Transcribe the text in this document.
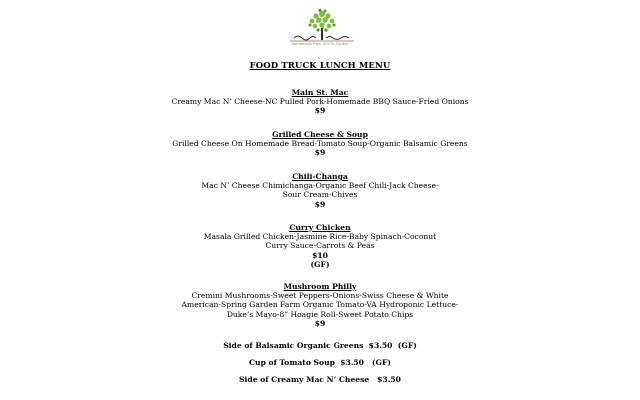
Homemade From Grill To Garden
FOOD TRUCK LUNCH MENU
Main St. Mac
Creamy Mac N’ Cheese-NC Pulled Pork-Homemade BBQ Sauce-Fried Onions
$9
Grilled Cheese & Soup
Grilled Cheese On Homemade Bread-Tomato Soup-Organic Balsamic Greens
$9
Chili-Changa
Mac N’ Cheese Chimichanga-Organic Beef Chili-Jack Cheese-Sour Cream-Chives
$9
Curry Chicken
Masala Grilled Chicken-Jasmine Rice-Baby Spinach-Coconut Curry Sauce-Carrots & Peas
$10
(GF)
Mushroom Philly
Cremini Mushrooms-Sweet Peppers-Onions-Swiss Cheese & White American-Spring Garden Farm Organic Tomato-VA Hydroponic Lettuce-Duke’s Mayo-8” Hoagie Roll-Sweet Potato Chips
$9
Side of Balsamic Organic Greens  $3.50  (GF)
Cup of Tomato Soup  $3.50   (GF)
Side of Creamy Mac N’ Cheese   $3.50
